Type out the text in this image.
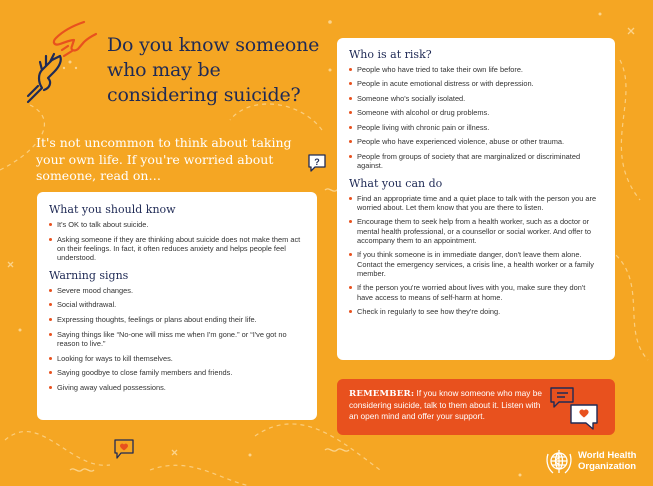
Do you know someone who may be considering suicide?

It's not uncommon to think about taking your own life. If you're worried about someone, read on…

?
What you should know
It's OK to talk about suicide.
Asking someone if they are thinking about suicide does not make them act on their feelings. In fact, it often reduces anxiety and helps people feel understood.
Warning signs
Severe mood changes.
Social withdrawal.
Expressing thoughts, feelings or plans about ending their life.
Saying things like “No-one will miss me when I'm gone.” or “I've got no reason to live.”
Looking for ways to kill themselves.
Saying goodbye to close family members and friends.
Giving away valued possessions.
Who is at risk?
People who have tried to take their own life before.
People in acute emotional distress or with depression.
Someone who's socially isolated.
Someone with alcohol or drug problems.
People living with chronic pain or illness.
People who have experienced violence, abuse or other trauma.
People from groups of society that are marginalized or discriminated against.
What you can do
Find an appropriate time and a quiet place to talk with the person you are worried about. Let them know that you are there to listen.
Encourage them to seek help from a health worker, such as a doctor or mental health professional, or a counsellor or social worker. And offer to accompany them to an appointment.
If you think someone is in immediate danger, don't leave them alone. Contact the emergency services, a crisis line, a health worker or a family member.
If the person you're worried about lives with you, make sure they don't have access to means of self-harm at home.
Check in regularly to see how they're doing.
REMEMBER: If you know someone who may be considering suicide, talk to them about it. Listen with an open mind and offer your support.
World Health
Organization
